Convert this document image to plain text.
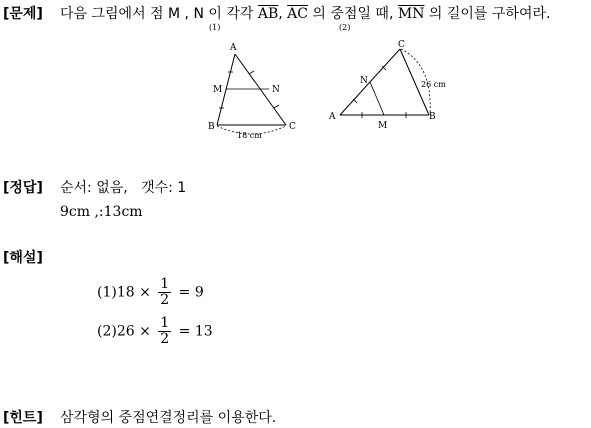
[문제] 다음 그림에서 점 M , N 이 각각 $\overline{AB}$, $\overline{AC}$ 의 중점일 때, $\overline{MN}$ 의 길이를 구하여라.
(1)
A
M	N
B	C
18 cm
(2)
C
N
A
M
B
26 cm
[정답] 순서: 없음,   갯수: 1
9cm ,:13cm
[해설]
$(1)18 \times \frac{1}{2} = 9$
$(2)26 \times \frac{1}{2} = 13$
[힌트] 삼각형의 중점연결정리를 이용한다.
